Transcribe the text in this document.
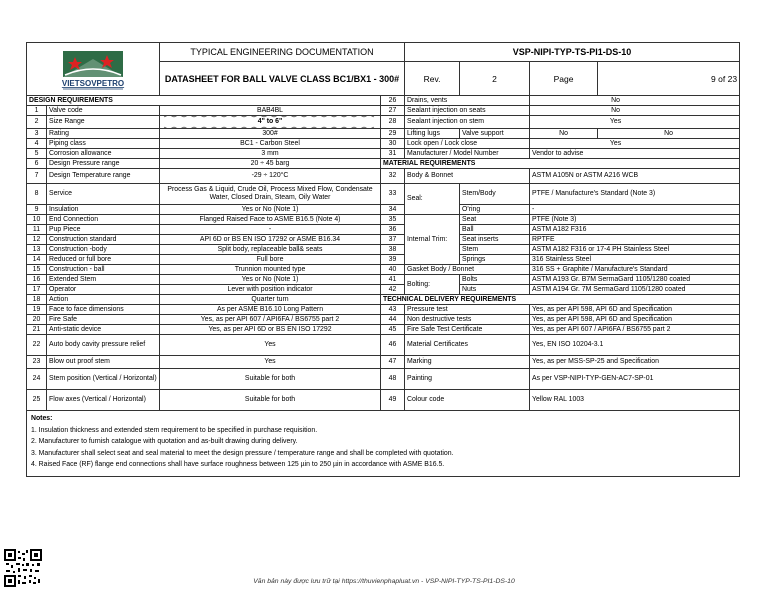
VIETSOVPETRO		TYPICAL ENGINEERING DOCUMENTATION		VSP-NIPI-TYP-TS-PI1-DS-10			
		DATASHEET FOR BALL VALVE CLASS BC1/BX1 - 300#		Rev.	2	Page	9 of 23
DESIGN REQUIREMENTS			26	Drains, vents		No	
1	Valve code	BAB4BL	27	Sealant injection on seats		No	
2	Size Range	4" to 6"	28	Sealant injection on stem		Yes	
3	Rating	300#	29	Lifting lugs	Valve support	No	No
4	Piping class	BC1 - Carbon Steel	30	Lock open / Lock close		Yes	
5	Corrosion allowance	3 mm	31	Manufacturer / Model Number		Vendor to advise	
6	Design Pressure range	20 ÷ 45 barg	MATERIAL REQUIREMENTS				
7	Design Temperature range	-29 ÷ 120°C	32	Body & Bonnet		ASTM A105N or ASTM A216 WCB	
8	Service	Process Gas & Liquid, Crude Oil, Process Mixed Flow, Condensate Water, Closed Drain, Steam, Oily Water	33	Seal:	Stem/Body	PTFE / Manufacture's Standard (Note 3)	
9	Insulation	Yes or No (Note 1)	34		O'ring	-	
10	End Connection	Flanged Raised Face to ASME B16.5 (Note 4)	35	Internal Trim:	Seat	PTFE (Note 3)	
11	Pup Piece	-	36		Ball	ASTM A182 F316	
12	Construction standard	API 6D or BS EN ISO 17292 or ASME B16.34	37		Seat inserts	RPTFE	
13	Construction -body	Split body, replaceable ball& seats	38		Stem	ASTM A182 F316 or 17-4 PH Stainless Steel	
14	Reduced or full bore	Full bore	39		Springs	316 Stainless Steel	
15	Construction - ball	Trunnion mounted type	40	Gasket Body / Bonnet		316 SS + Graphite / Manufacture's Standard	
16	Extended Stem	Yes or No (Note 1)	41	Bolting:	Bolts	ASTM A193 Gr. B7M SermaGard 1105/1280 coated	
17	Operator	Lever with position indicator	42		Nuts	ASTM A194 Gr. 7M SermaGard 1105/1280 coated	
18	Action	Quarter turn	TECHNICAL DELIVERY REQUIREMENTS				
19	Face to face dimensions	As per ASME B16.10 Long Pattern	43	Pressure test		Yes, as per API 598, API 6D and Specification	
20	Fire Safe	Yes, as per API 607 / API6FA / BS6755 part 2	44	Non destructive tests		Yes, as per API 598, API 6D and Specification	
21	Anti-static device	Yes, as per API 6D or BS EN ISO 17292	45	Fire Safe Test Certificate		Yes, as per API 607 / API6FA / BS6755 part 2	
22	Auto body cavity pressure relief	Yes	46	Material Certificates		Yes, EN ISO 10204-3.1	
23	Blow out proof stem	Yes	47	Marking		Yes, as per MSS-SP-25 and Specification	
24	Stem position (Vertical / Horizontal)	Suitable for both	48	Painting		As per VSP-NIPI-TYP-GEN-AC7-SP-01	
25	Flow axes (Vertical / Horizontal)	Suitable for both	49	Colour code		Yellow RAL 1003	

Notes:
1. Insulation thickness and extended stem requirement to be specified in purchase requisition.
2. Manufacturer to furnish catalogue with quotation and as-built drawing during delivery.
3. Manufacturer shall select seat and seal material to meet the design pressure / temperature range and shall be completed with quotation.
4. Raised Face (RF) flange end connections shall have surface roughness between 125 µin to 250 µin in accordance with ASME B16.5.							
Văn bản này được lưu trữ tại https://thuvienphapluat.vn - VSP-NIPI-TYP-TS-PI1-DS-10
